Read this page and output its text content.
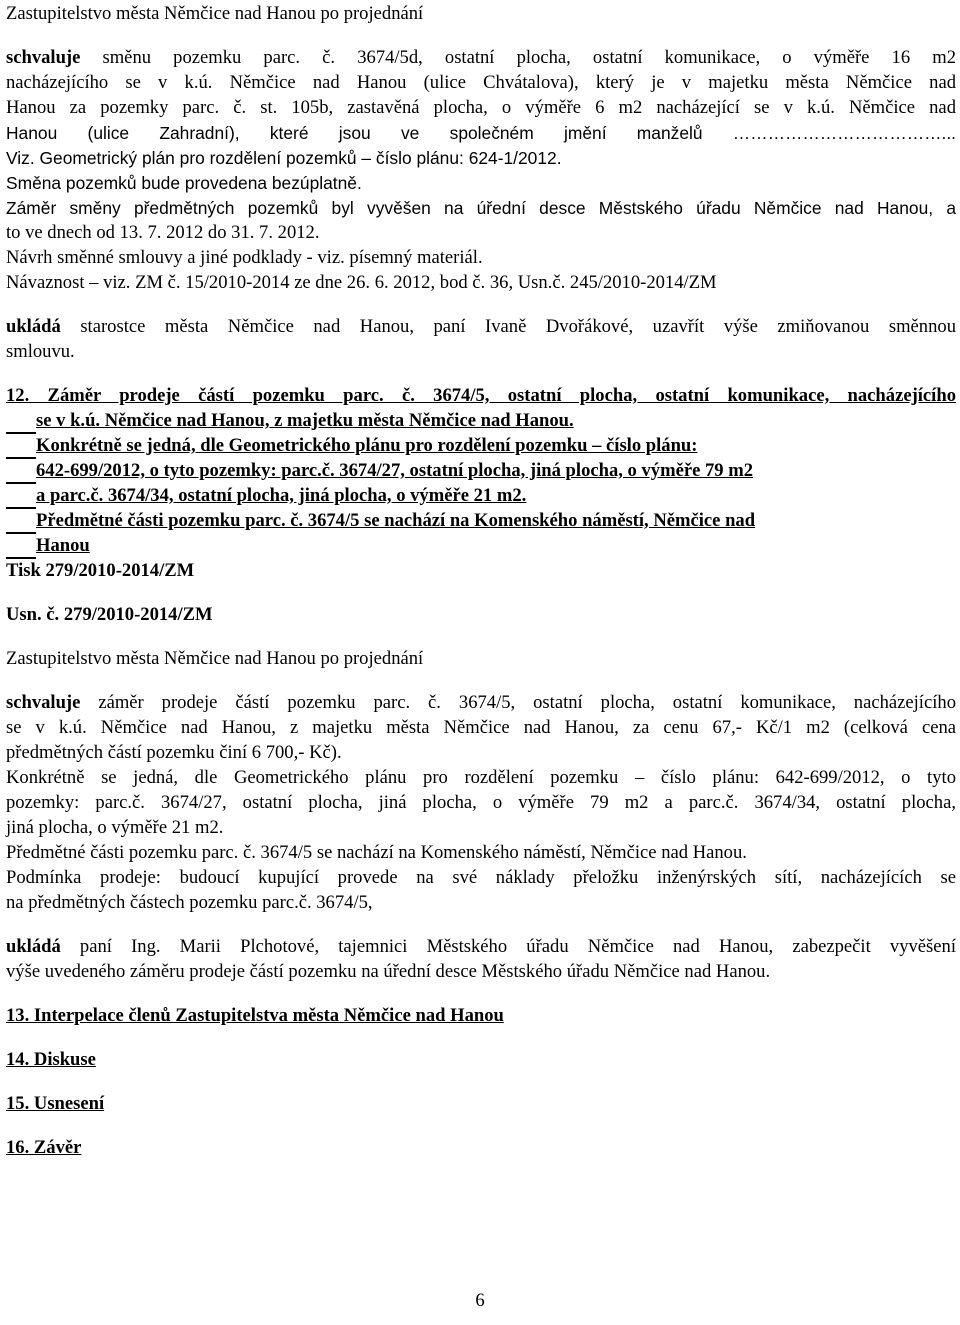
Zastupitelstvo města Němčice nad Hanou po projednání
schvaluje směnu pozemku parc. č. 3674/5d, ostatní plocha, ostatní komunikace, o výměře 16 m2
nacházejícího se v k.ú. Němčice nad Hanou (ulice Chvátalova), který je v majetku města Němčice nad
Hanou za pozemky parc. č. st. 105b, zastavěná plocha, o výměře 6 m2 nacházející se v k.ú. Němčice nad
Hanou (ulice Zahradní), které jsou ve společném jmění manželů ………………………………...
Viz. Geometrický plán pro rozdělení pozemků – číslo plánu: 624-1/2012.
Směna pozemků bude provedena bezúplatně.
Záměr směny předmětných pozemků byl vyvěšen na úřední desce Městského úřadu Němčice nad Hanou, a
to ve dnech od 13. 7. 2012 do 31. 7. 2012.
Návrh směnné smlouvy a jiné podklady - viz. písemný materiál.
Návaznost – viz. ZM č. 15/2010-2014 ze dne 26. 6. 2012, bod č. 36, Usn.č. 245/2010-2014/ZM
ukládá starostce města Němčice nad Hanou, paní Ivaně Dvořákové, uzavřít výše zmiňovanou směnnou
smlouvu.
12. Záměr prodeje částí pozemku parc. č. 3674/5, ostatní plocha, ostatní komunikace, nacházejícího
se v k.ú. Němčice nad Hanou, z majetku města Němčice nad Hanou.
Konkrétně se jedná, dle Geometrického plánu pro rozdělení pozemku – číslo plánu:
642-699/2012, o tyto pozemky: parc.č. 3674/27, ostatní plocha, jiná plocha, o výměře 79 m2
a parc.č. 3674/34, ostatní plocha, jiná plocha, o výměře 21 m2.
Předmětné části pozemku parc. č. 3674/5 se nachází na Komenského náměstí, Němčice nad
Hanou
Tisk 279/2010-2014/ZM
Usn. č. 279/2010-2014/ZM
Zastupitelstvo města Němčice nad Hanou po projednání
schvaluje záměr prodeje částí pozemku parc. č. 3674/5, ostatní plocha, ostatní komunikace, nacházejícího
se v k.ú. Němčice nad Hanou, z majetku města Němčice nad Hanou, za cenu 67,- Kč/1 m2 (celková cena
předmětných částí pozemku činí 6 700,- Kč).
Konkrétně se jedná, dle Geometrického plánu pro rozdělení pozemku – číslo plánu: 642-699/2012, o tyto
pozemky: parc.č. 3674/27, ostatní plocha, jiná plocha, o výměře 79 m2 a parc.č. 3674/34, ostatní plocha,
jiná plocha, o výměře 21 m2.
Předmětné části pozemku parc. č. 3674/5 se nachází na Komenského náměstí, Němčice nad Hanou.
Podmínka prodeje: budoucí kupující provede na své náklady přeložku inženýrských sítí, nacházejících se
na předmětných částech pozemku parc.č. 3674/5,
ukládá paní Ing. Marii Plchotové, tajemnici Městského úřadu Němčice nad Hanou, zabezpečit vyvěšení
výše uvedeného záměru prodeje částí pozemku na úřední desce Městského úřadu Němčice nad Hanou.
13. Interpelace členů Zastupitelstva města Němčice nad Hanou
14. Diskuse
15. Usnesení
16. Závěr
6
